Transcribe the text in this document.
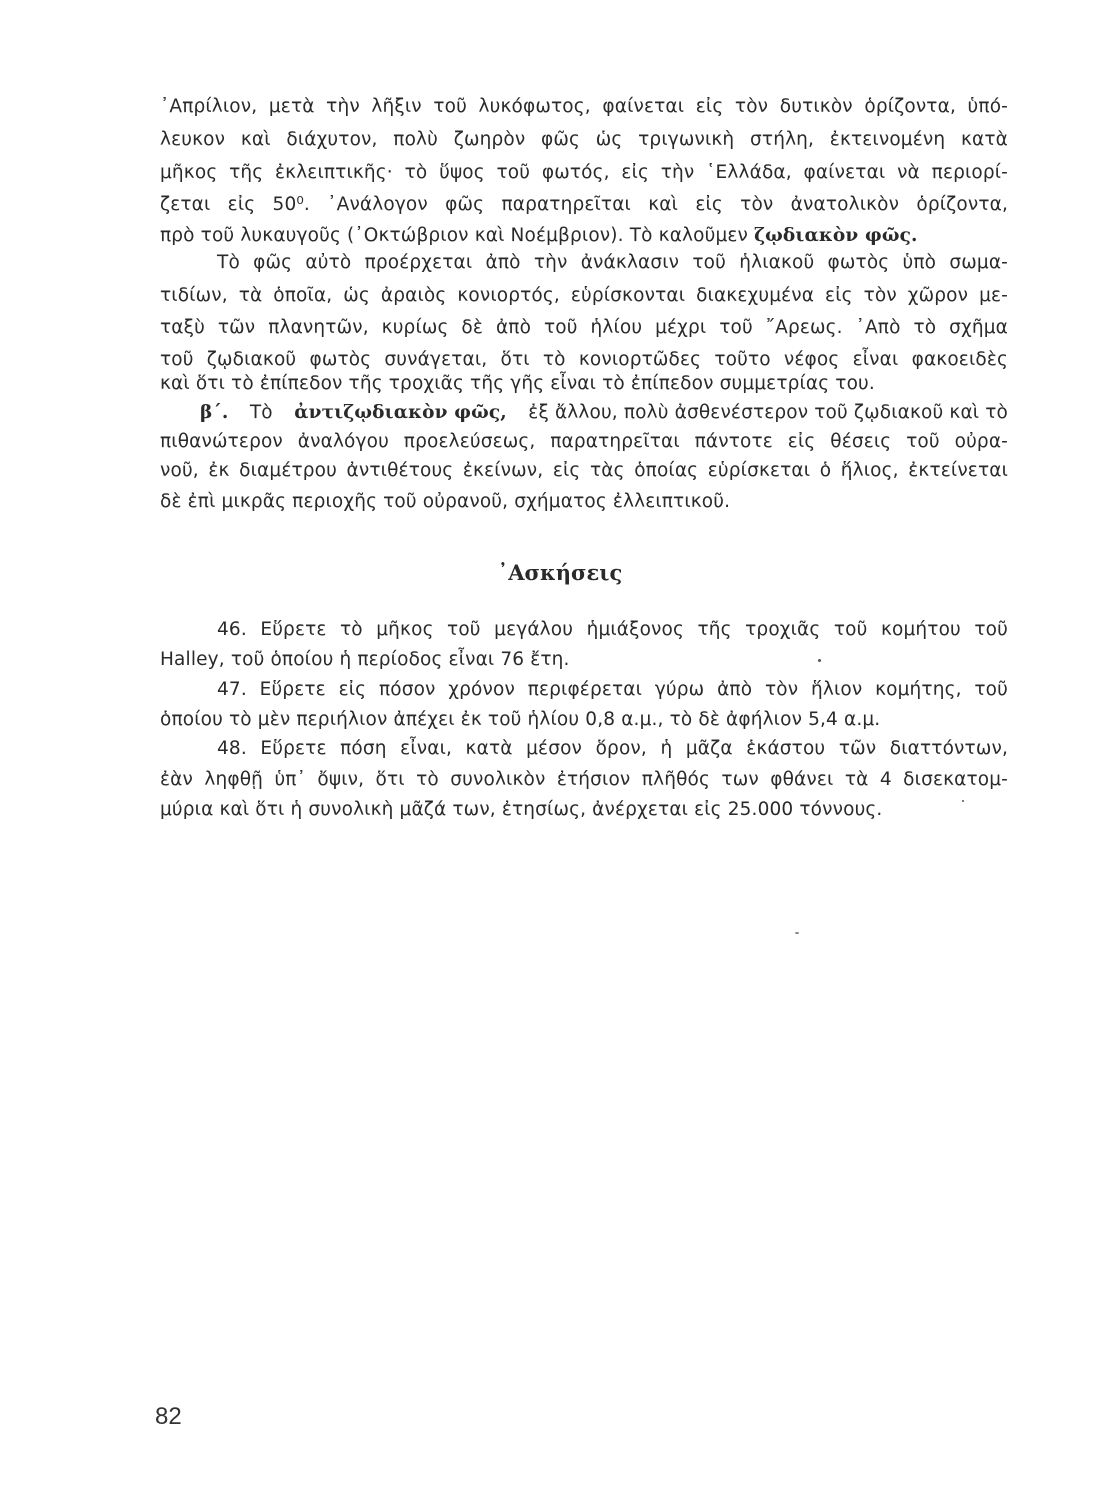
᾿Απρίλιον, μετὰ τὴν λῆξιν τοῦ λυκόφωτος, φαίνεται εἰς τὸν δυτικὸν ὁρίζοντα, ὑπό-
λευκον καὶ διάχυτον, πολὺ ζωηρὸν φῶς ὡς τριγωνικὴ στήλη, ἐκτεινομένη κατὰ
μῆκος τῆς ἐκλειπτικῆς· τὸ ὕψος τοῦ φωτός, εἰς τὴν ῾Ελλάδα, φαίνεται νὰ περιορί-
ζεται εἰς 50⁰. ᾿Ανάλογον φῶς παρατηρεῖται καὶ εἰς τὸν ἀνατολικὸν ὁρίζοντα,
πρὸ τοῦ λυκαυγοῦς (᾿Οκτώβριον καὶ Νοέμβριον). Τὸ καλοῦμεν ζῳδιακὸν φῶς.
Τὸ φῶς αὐτὸ προέρχεται ἀπὸ τὴν ἀνάκλασιν τοῦ ἡλιακοῦ φωτὸς ὑπὸ σωμα-
τιδίων, τὰ ὁποῖα, ὡς ἀραιὸς κονιορτός, εὑρίσκονται διακεχυμένα εἰς τὸν χῶρον με-
ταξὺ τῶν πλανητῶν, κυρίως δὲ ἀπὸ τοῦ ἡλίου μέχρι τοῦ ῎Αρεως. ᾿Απὸ τὸ σχῆμα
τοῦ ζῳδιακοῦ φωτὸς συνάγεται, ὅτι τὸ κονιορτῶδες τοῦτο νέφος εἶναι φακοειδὲς
καὶ ὅτι τὸ ἐπίπεδον τῆς τροχιᾶς τῆς γῆς εἶναι τὸ ἐπίπεδον συμμετρίας του.
β΄. Τὸ ἀντιζῳδιακὸν φῶς, ἐξ ἄλλου, πολὺ ἀσθενέστερον τοῦ ζῳδιακοῦ καὶ τὸ
πιθανώτερον ἀναλόγου προελεύσεως, παρατηρεῖται πάντοτε εἰς θέσεις τοῦ οὐρα-
νοῦ, ἐκ διαμέτρου ἀντιθέτους ἐκείνων, εἰς τὰς ὁποίας εὑρίσκεται ὁ ἥλιος, ἐκτείνεται
δὲ ἐπὶ μικρᾶς περιοχῆς τοῦ οὐρανοῦ, σχήματος ἐλλειπτικοῦ.
᾿Ασκήσεις
46. Εὕρετε τὸ μῆκος τοῦ μεγάλου ἡμιάξονος τῆς τροχιᾶς τοῦ κομήτου τοῦ
Halley, τοῦ ὁποίου ἡ περίοδος εἶναι 76 ἔτη.
47. Εὕρετε εἰς πόσον χρόνον περιφέρεται γύρω ἀπὸ τὸν ἥλιον κομήτης, τοῦ
ὁποίου τὸ μὲν περιήλιον ἀπέχει ἐκ τοῦ ἡλίου 0,8 α.μ., τὸ δὲ ἀφήλιον 5,4 α.μ.
48. Εὕρετε πόση εἶναι, κατὰ μέσον ὅρον, ἡ μᾶζα ἑκάστου τῶν διαττόντων,
ἐὰν ληφθῇ ὑπ᾿ ὄψιν, ὅτι τὸ συνολικὸν ἐτήσιον πλῆθός των φθάνει τὰ 4 δισεκατομ-
μύρια καὶ ὅτι ἡ συνολικὴ μᾶζά των, ἐτησίως, ἀνέρχεται εἰς 25.000 τόννους.
82
